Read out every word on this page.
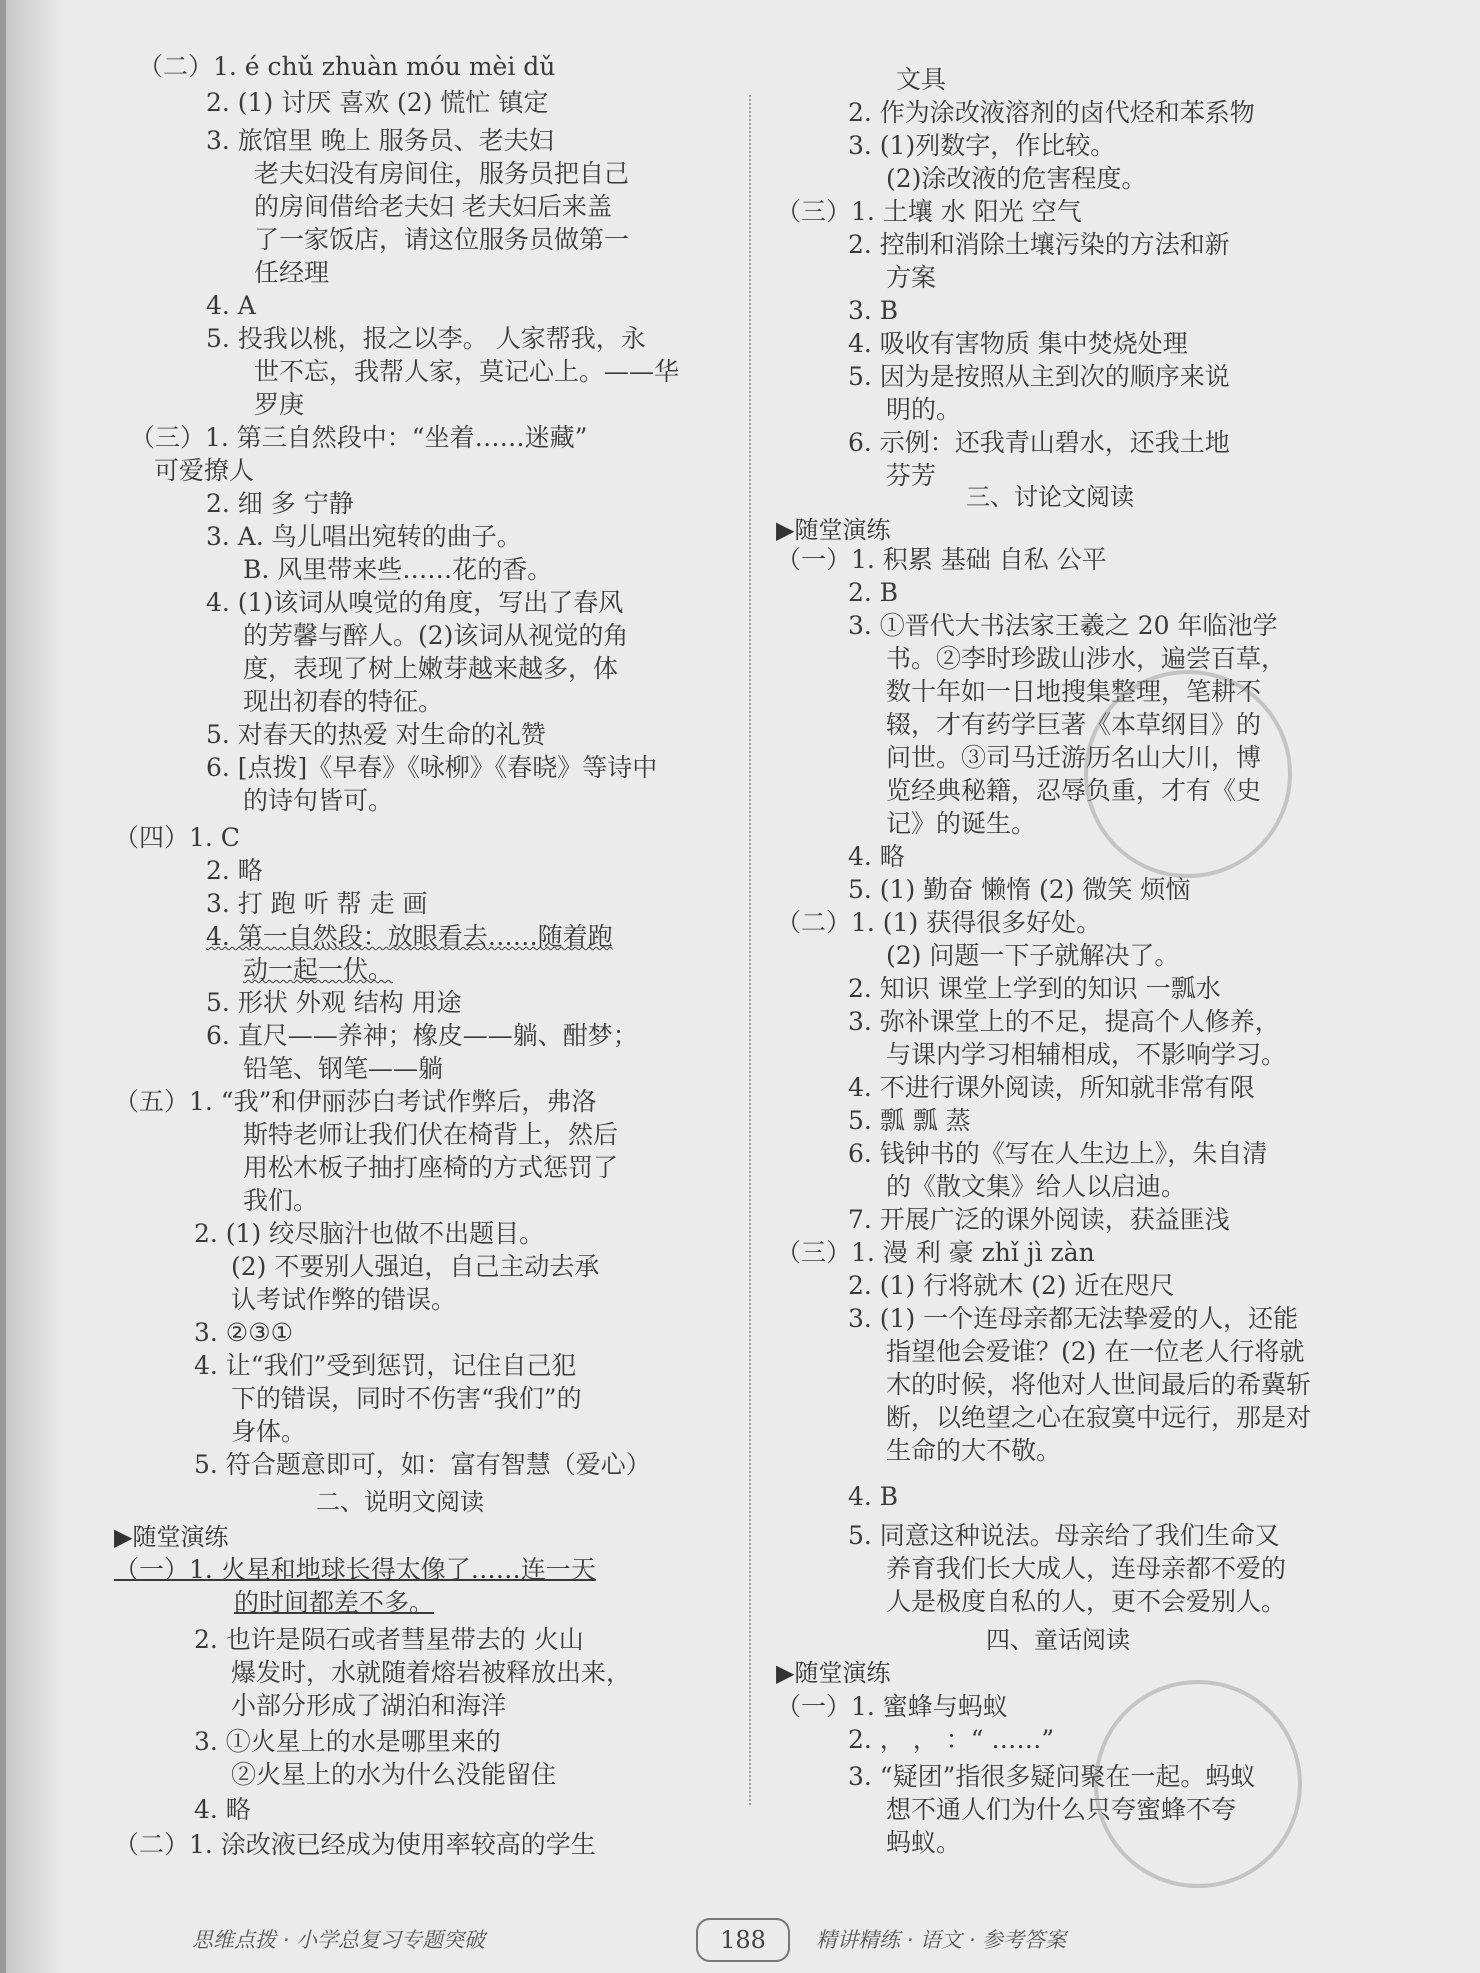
（二）1. é chǔ zhuàn móu mèi dǔ
2. (1) 讨厌 喜欢 (2) 慌忙 镇定
3. 旅馆里 晚上 服务员、老夫妇
老夫妇没有房间住，服务员把自己
的房间借给老夫妇 老夫妇后来盖
了一家饭店，请这位服务员做第一
任经理
4. A
5. 投我以桃，报之以李。 人家帮我，永
世不忘，我帮人家，莫记心上。——华
罗庚
（三）1. 第三自然段中：“坐着……迷藏”
可爱撩人
2. 细 多 宁静
3. A. 鸟儿唱出宛转的曲子。
B. 风里带来些……花的香。
4. (1)该词从嗅觉的角度，写出了春风
的芳馨与醉人。(2)该词从视觉的角
度，表现了树上嫩芽越来越多，体
现出初春的特征。
5. 对春天的热爱 对生命的礼赞
6. [点拨]《早春》《咏柳》《春晓》等诗中
的诗句皆可。
（四）1. C
2. 略
3. 打 跑 听 帮 走 画
4. 第一自然段：放眼看去……随着跑
动一起一伏。
5. 形状 外观 结构 用途
6. 直尺——养神；橡皮——躺、酣梦；
铅笔、钢笔——躺
（五）1. “我”和伊丽莎白考试作弊后，弗洛
斯特老师让我们伏在椅背上，然后
用松木板子抽打座椅的方式惩罚了
我们。
2. (1) 绞尽脑汁也做不出题目。
(2) 不要别人强迫，自己主动去承
认考试作弊的错误。
3. ②③①
4. 让“我们”受到惩罚，记住自己犯
下的错误，同时不伤害“我们”的
身体。
5. 符合题意即可，如：富有智慧（爱心）
（一）1. 火星和地球长得太像了……连一天
的时间都差不多。
2. 也许是陨石或者彗星带去的 火山
爆发时，水就随着熔岩被释放出来，
小部分形成了湖泊和海洋
3. ①火星上的水是哪里来的
②火星上的水为什么没能留住
4. 略
（二）1. 涂改液已经成为使用率较高的学生
二、说明文阅读
▶随堂演练
文具
2. 作为涂改液溶剂的卤代烃和苯系物
3. (1)列数字，作比较。
(2)涂改液的危害程度。
（三）1. 土壤 水 阳光 空气
2. 控制和消除土壤污染的方法和新
方案
3. B
4. 吸收有害物质 集中焚烧处理
5. 因为是按照从主到次的顺序来说
明的。
6. 示例：还我青山碧水，还我土地
芬芳
（一）1. 积累 基础 自私 公平
2. B
3. ①晋代大书法家王羲之 20 年临池学
书。②李时珍跋山涉水，遍尝百草，
数十年如一日地搜集整理，笔耕不
辍，才有药学巨著《本草纲目》的
问世。③司马迁游历名山大川，博
览经典秘籍，忍辱负重，才有《史
记》的诞生。
4. 略
5. (1) 勤奋 懒惰 (2) 微笑 烦恼
（二）1. (1) 获得很多好处。
(2) 问题一下子就解决了。
2. 知识 课堂上学到的知识 一瓢水
3. 弥补课堂上的不足，提高个人修养，
与课内学习相辅相成，不影响学习。
4. 不进行课外阅读，所知就非常有限
5. 瓢 瓢 蒸
6. 钱钟书的《写在人生边上》，朱自清
的《散文集》给人以启迪。
7. 开展广泛的课外阅读，获益匪浅
（三）1. 漫 利 豪 zhǐ jì zàn
2. (1) 行将就木 (2) 近在咫尺
3. (1) 一个连母亲都无法挚爱的人，还能
指望他会爱谁？(2) 在一位老人行将就
木的时候，将他对人世间最后的希冀斩
断，以绝望之心在寂寞中远行，那是对
生命的大不敬。
4. B
5. 同意这种说法。母亲给了我们生命又
养育我们长大成人，连母亲都不爱的
人是极度自私的人，更不会爱别人。
（一）1. 蜜蜂与蚂蚁
2. ， ， ：“ ……”
3. “疑团”指很多疑问聚在一起。蚂蚁
想不通人们为什么只夸蜜蜂不夸
蚂蚁。
三、讨论文阅读
四、童话阅读
▶随堂演练
▶随堂演练
思维点拨 · 小学总复习专题突破	188	精讲精练 · 语文 · 参考答案
